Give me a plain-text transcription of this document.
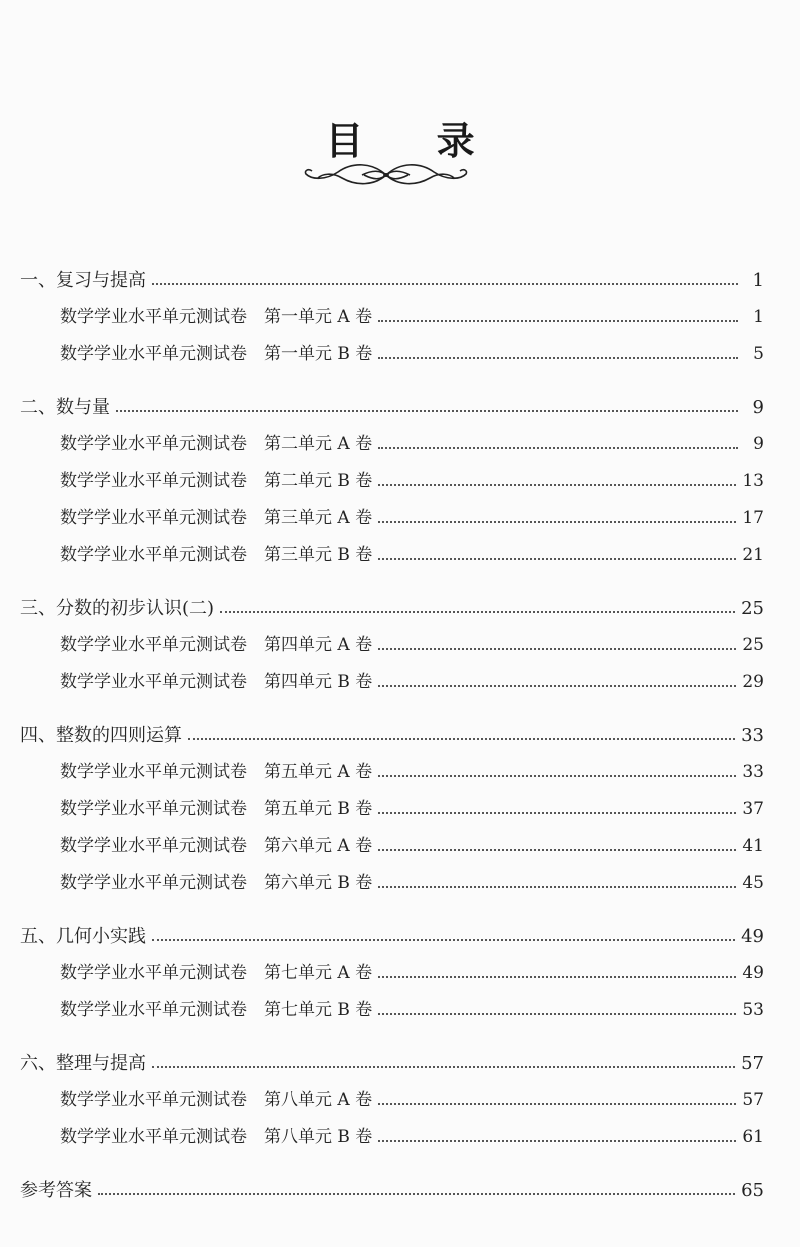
目 录
一、复习与提高	1
数学学业水平单元测试卷　第一单元 A 卷	1
数学学业水平单元测试卷　第一单元 B 卷	5
二、数与量	9
数学学业水平单元测试卷　第二单元 A 卷	9
数学学业水平单元测试卷　第二单元 B 卷	13
数学学业水平单元测试卷　第三单元 A 卷	17
数学学业水平单元测试卷　第三单元 B 卷	21
三、分数的初步认识(二)	25
数学学业水平单元测试卷　第四单元 A 卷	25
数学学业水平单元测试卷　第四单元 B 卷	29
四、整数的四则运算	33
数学学业水平单元测试卷　第五单元 A 卷	33
数学学业水平单元测试卷　第五单元 B 卷	37
数学学业水平单元测试卷　第六单元 A 卷	41
数学学业水平单元测试卷　第六单元 B 卷	45
五、几何小实践	49
数学学业水平单元测试卷　第七单元 A 卷	49
数学学业水平单元测试卷　第七单元 B 卷	53
六、整理与提高	57
数学学业水平单元测试卷　第八单元 A 卷	57
数学学业水平单元测试卷　第八单元 B 卷	61
参考答案	65
